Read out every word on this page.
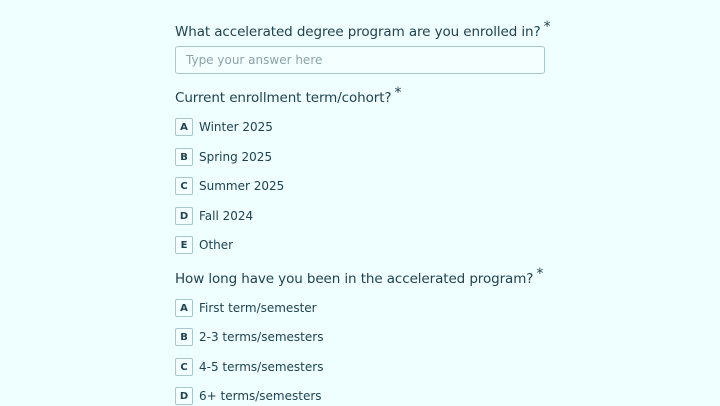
What accelerated degree program are you enrolled in? *
Type your answer here
Current enrollment term/cohort? *
A Winter 2025
B Spring 2025
C Summer 2025
D Fall 2024
E Other
How long have you been in the accelerated program? *
A First term/semester
B 2-3 terms/semesters
C 4-5 terms/semesters
D 6+ terms/semesters
